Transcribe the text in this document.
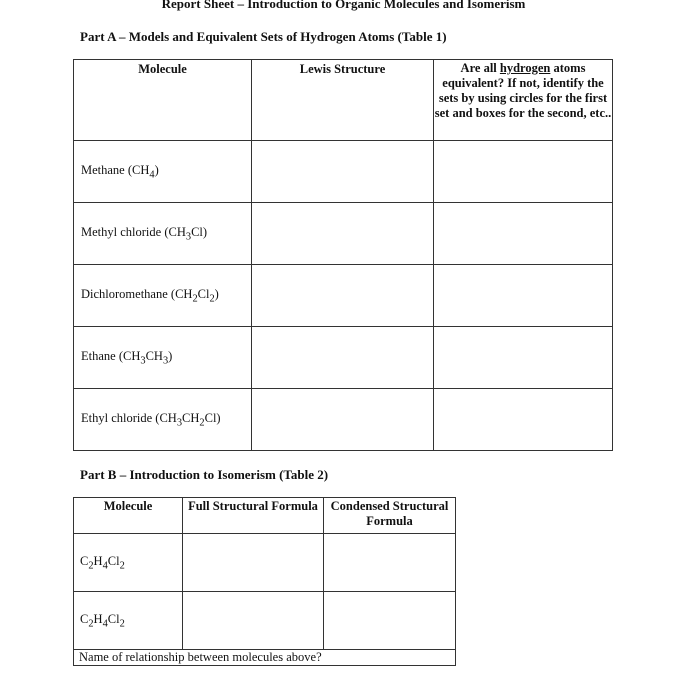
Report Sheet – Introduction to Organic Molecules and Isomerism
Part A – Models and Equivalent Sets of Hydrogen Atoms (Table 1)
Molecule	Lewis Structure	Are all hydrogen atoms equivalent? If not, identify the sets by using circles for the first set and boxes for the second, etc..
Methane $(CH_4)$		
Methyl chloride $(CH_3Cl)$		
Dichloromethane $(CH_2Cl_2)$		
Ethane $(CH_3CH_3)$		
Ethyl chloride $(CH_3CH_2Cl)$		
Part B – Introduction to Isomerism (Table 2)
Molecule	Full Structural Formula	Condensed Structural Formula
$C_2H_4Cl_2$		
$C_2H_4Cl_2$		
Name of relationship between molecules above?		
